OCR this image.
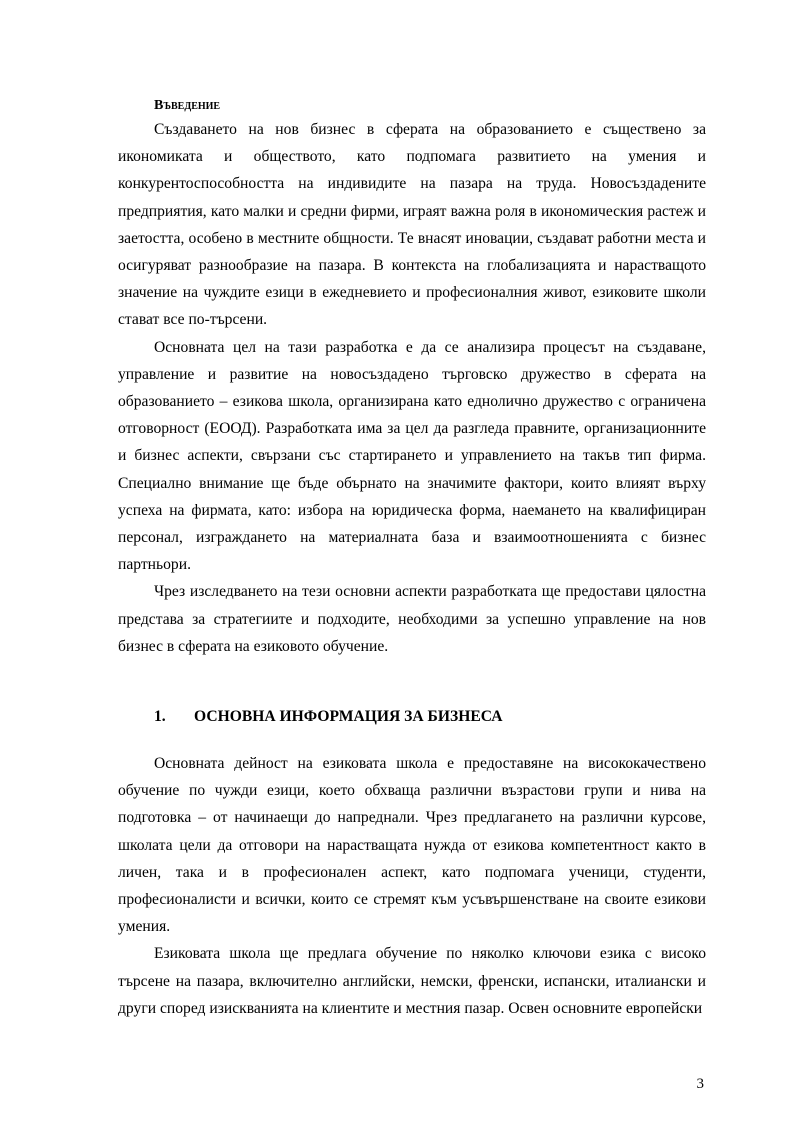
Въведение

Създаването на нов бизнес в сферата на образованието е съществено за икономиката и обществото, като подпомага развитието на умения и конкурентоспособността на индивидите на пазара на труда. Новосъздадените предприятия, като малки и средни фирми, играят важна роля в икономическия растеж и заетостта, особено в местните общности. Те внасят иновации, създават работни места и осигуряват разнообразие на пазара. В контекста на глобализацията и нарастващото значение на чуждите езици в ежедневието и професионалния живот, езиковите школи стават все по-търсени.

Основната цел на тази разработка е да се анализира процесът на създаване, управление и развитие на новосъздадено търговско дружество в сферата на образованието – езикова школа, организирана като еднолично дружество с ограничена отговорност (ЕООД). Разработката има за цел да разгледа правните, организационните и бизнес аспекти, свързани със стартирането и управлението на такъв тип фирма. Специално внимание ще бъде обърнато на значимите фактори, които влияят върху успеха на фирмата, като: избора на юридическа форма, наемането на квалифициран персонал, изграждането на материалната база и взаимоотношенията с бизнес партньори.

Чрез изследването на тези основни аспекти разработката ще предостави цялостна представа за стратегиите и подходите, необходими за успешно управление на нов бизнес в сферата на езиковото обучение.

1.	ОСНОВНА ИНФОРМАЦИЯ ЗА БИЗНЕСА

Основната дейност на езиковата школа е предоставяне на висококачествено обучение по чужди езици, което обхваща различни възрастови групи и нива на подготовка – от начинаещи до напреднали. Чрез предлагането на различни курсове, школата цели да отговори на нарастващата нужда от езикова компетентност както в личен, така и в професионален аспект, като подпомага ученици, студенти, професионалисти и всички, които се стремят към усъвършенстване на своите езикови умения.

Езиковата школа ще предлага обучение по няколко ключови езика с високо търсене на пазара, включително английски, немски, френски, испански, италиански и други според изискванията на клиентите и местния пазар. Освен основните европейски

3
